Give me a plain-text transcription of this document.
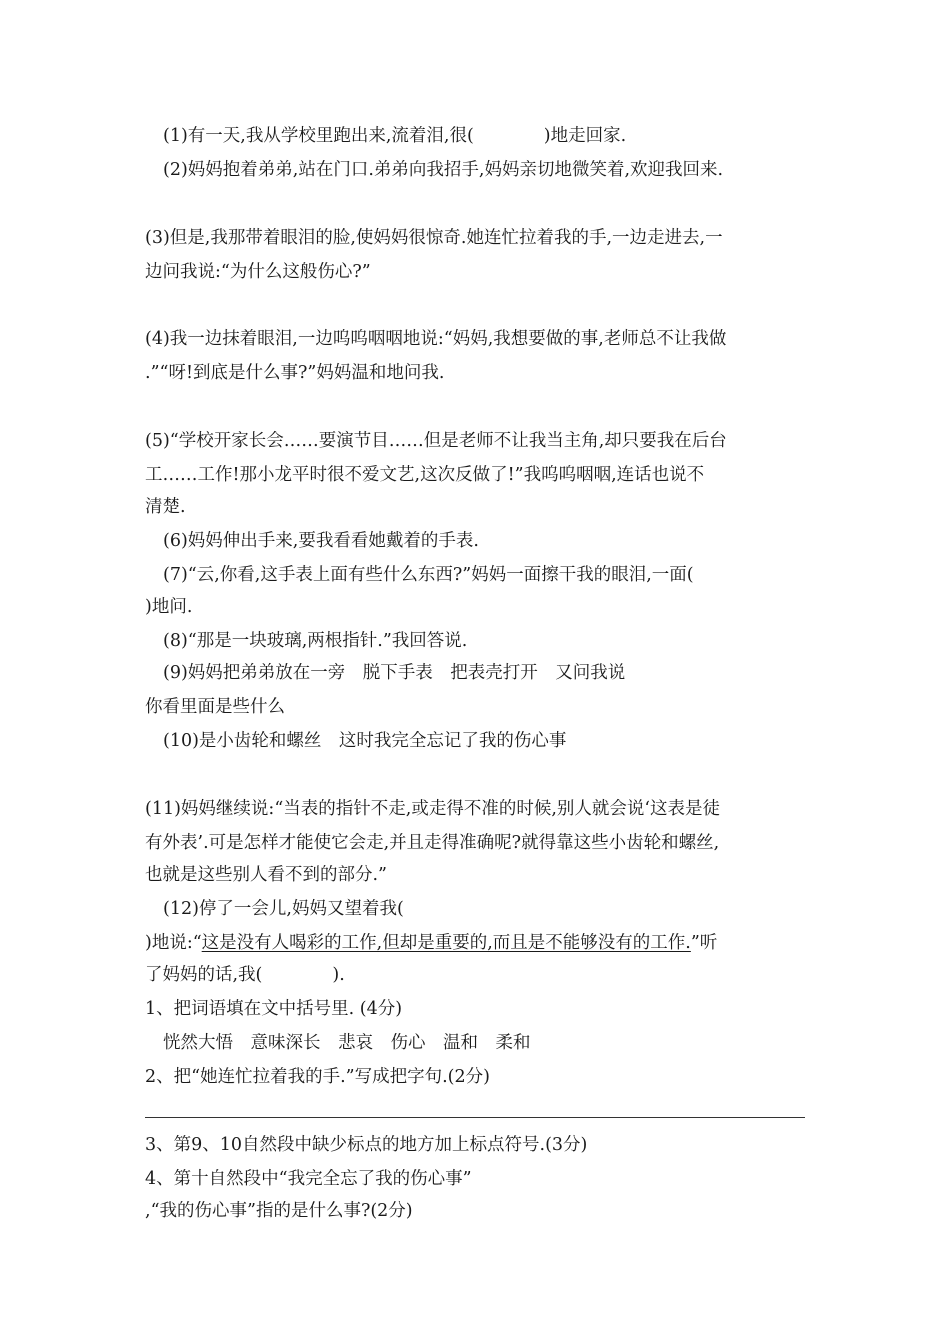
(1)有一天,我从学校里跑出来,流着泪,很(　　　　)地走回家.
(2)妈妈抱着弟弟,站在门口.弟弟向我招手,妈妈亲切地微笑着,欢迎我回来.
(3)但是,我那带着眼泪的脸,使妈妈很惊奇.她连忙拉着我的手,一边走进去,一
边问我说:“为什么这般伤心?”
(4)我一边抹着眼泪,一边呜呜咽咽地说:“妈妈,我想要做的事,老师总不让我做
.”“呀!到底是什么事?”妈妈温和地问我.
(5)“学校开家长会……要演节目……但是老师不让我当主角,却只要我在后台
工……工作!那小龙平时很不爱文艺,这次反做了!”我呜呜咽咽,连话也说不
清楚.
(6)妈妈伸出手来,要我看看她戴着的手表.
(7)“云,你看,这手表上面有些什么东西?”妈妈一面擦干我的眼泪,一面(
)地问.
(8)“那是一块玻璃,两根指针.”我回答说.
(9)妈妈把弟弟放在一旁　脱下手表　把表壳打开　又问我说
你看里面是些什么
(10)是小齿轮和螺丝　这时我完全忘记了我的伤心事
(11)妈妈继续说:“当表的指针不走,或走得不准的时候,别人就会说‘这表是徒
有外表’.可是怎样才能使它会走,并且走得准确呢?就得靠这些小齿轮和螺丝,
也就是这些别人看不到的部分.”
(12)停了一会儿,妈妈又望着我(
)地说:“这是没有人喝彩的工作,但却是重要的,而且是不能够没有的工作.”听
了妈妈的话,我(　　　　).
1、把词语填在文中括号里. (4分)
恍然大悟　意味深长　悲哀　伤心　温和　柔和
2、把“她连忙拉着我的手.”写成把字句.(2分)
3、第9、10自然段中缺少标点的地方加上标点符号.(3分)
4、第十自然段中“我完全忘了我的伤心事”
,“我的伤心事”指的是什么事?(2分)
